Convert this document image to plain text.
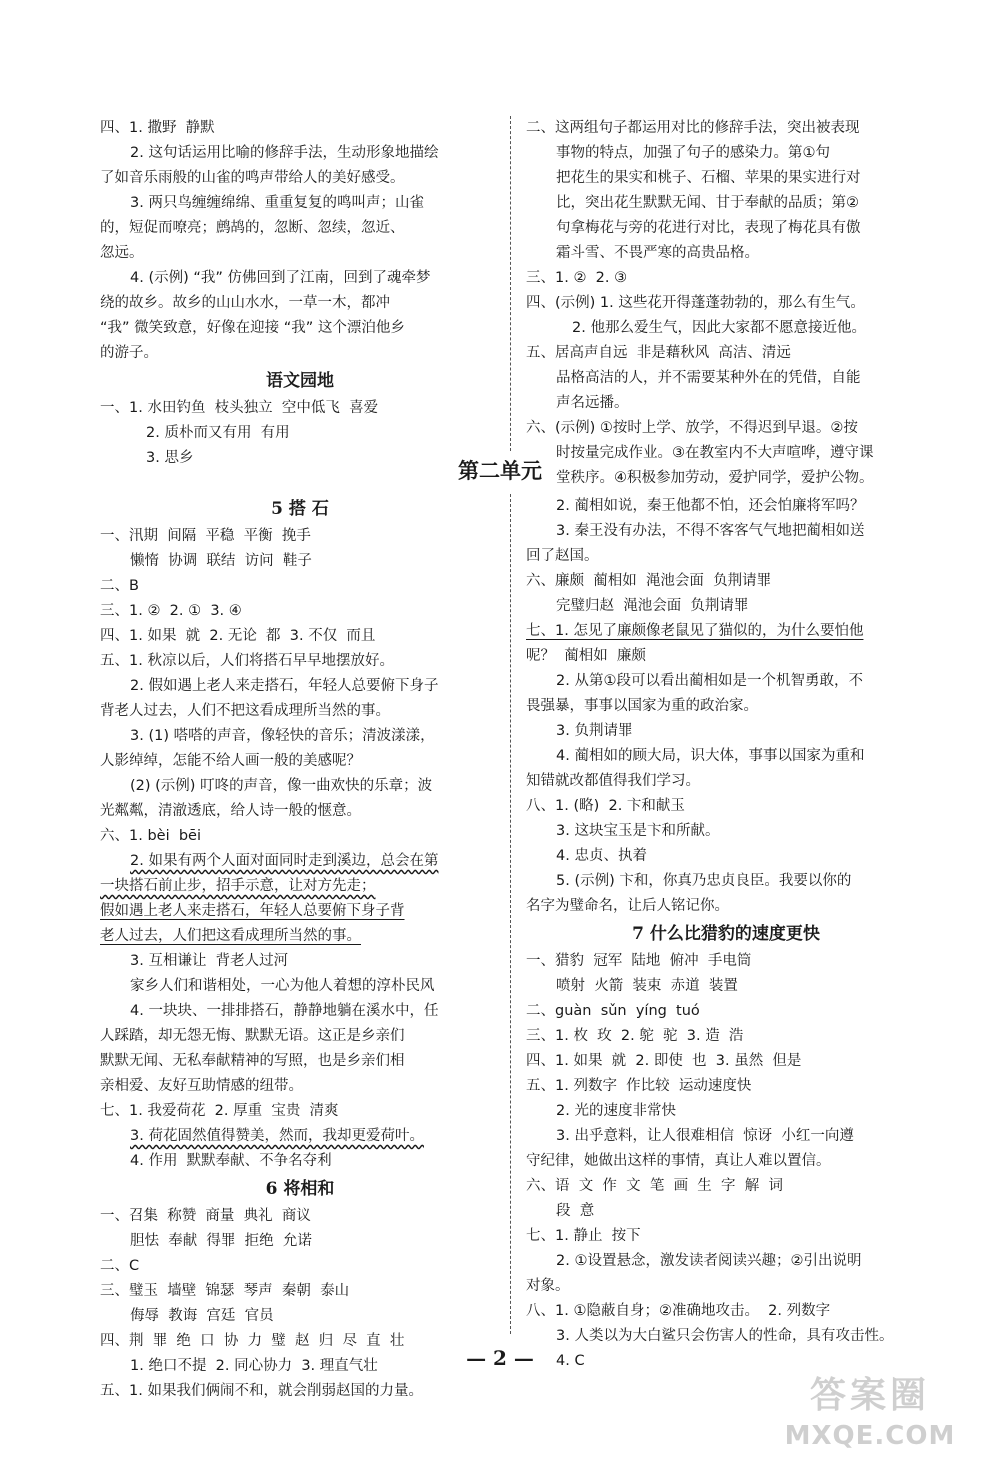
四、1. 撒野  静默

2. 这句话运用比喻的修辞手法，生动形象地描绘

了如音乐雨般的山雀的鸣声带给人的美好感受。

3. 两只鸟缠缠绵绵、重重复复的鸣叫声；山雀

的，短促而嘹亮；鹧鸪的，忽断、忽续，忽近、

忽远。

4. (示例) “我” 仿佛回到了江南，回到了魂牵梦

绕的故乡。故乡的山山水水，一草一木，都冲

“我” 微笑致意，好像在迎接 “我” 这个漂泊他乡

的游子。

语文园地

一、1. 水田钓鱼  枝头独立  空中低飞  喜爱

2. 质朴而又有用  有用

3. 思乡

二、这两组句子都运用对比的修辞手法，突出被表现

事物的特点，加强了句子的感染力。第①句

把花生的果实和桃子、石榴、苹果的果实进行对

比，突出花生默默无闻、甘于奉献的品质；第②

句拿梅花与旁的花进行对比，表现了梅花具有傲

霜斗雪、不畏严寒的高贵品格。

三、1. ②  2. ③

四、(示例) 1. 这些花开得蓬蓬勃勃的，那么有生气。

2. 他那么爱生气，因此大家都不愿意接近他。

五、居高声自远  非是藉秋风  高洁、清远

品格高洁的人，并不需要某种外在的凭借，自能

声名远播。

六、(示例) ①按时上学、放学，不得迟到早退。②按

时按量完成作业。③在教室内不大声喧哗，遵守课

堂秩序。④积极参加劳动，爱护同学，爱护公物。

第二单元
5 搭 石

一、汛期  间隔  平稳  平衡  挽手

懒惰  协调  联结  访问  鞋子

二、B

三、1. ②  2. ①  3. ④

四、1. 如果  就  2. 无论  都  3. 不仅  而且

五、1. 秋凉以后，人们将搭石早早地摆放好。

2. 假如遇上老人来走搭石，年轻人总要俯下身子

背老人过去，人们不把这看成理所当然的事。

3. (1) 嗒嗒的声音，像轻快的音乐；清波漾漾，

人影绰绰，怎能不给人画一般的美感呢？

(2) (示例) 叮咚的声音，像一曲欢快的乐章；波

光粼粼，清澈透底，给人诗一般的惬意。

六、1. bèi  bēi

2. 如果有两个人面对面同时走到溪边，总会在第

一块搭石前止步，招手示意，让对方先走；

假如遇上老人来走搭石，年轻人总要俯下身子背

老人过去，人们把这看成理所当然的事。

3. 互相谦让  背老人过河

家乡人们和谐相处，一心为他人着想的淳朴民风

4. 一块块、一排排搭石，静静地躺在溪水中，任

人踩踏，却无怨无悔、默默无语。这正是乡亲们

默默无闻、无私奉献精神的写照，也是乡亲们相

亲相爱、友好互助情感的纽带。

七、1. 我爱荷花  2. 厚重  宝贵  清爽

3. 荷花固然值得赞美，然而，我却更爱荷叶。

4. 作用  默默奉献、不争名夺利

6 将相和

一、召集  称赞  商量  典礼  商议

胆怯  奉献  得罪  拒绝  允诺

二、C

三、璧玉  墙壁  锦瑟  琴声  秦朝  泰山

侮辱  教诲  宫廷  官员

四、荆  罪  绝  口  协  力  璧  赵  归  尽  直  壮

1. 绝口不提  2. 同心协力  3. 理直气壮

五、1. 如果我们俩闹不和，就会削弱赵国的力量。

2. 蔺相如说，秦王他都不怕，还会怕廉将军吗？

3. 秦王没有办法，不得不客客气气地把蔺相如送

回了赵国。

六、廉颇  蔺相如  渑池会面  负荆请罪

完璧归赵  渑池会面  负荆请罪

七、1. 怎见了廉颇像老鼠见了猫似的，为什么要怕他

呢？  蔺相如  廉颇

2. 从第①段可以看出蔺相如是一个机智勇敢，不

畏强暴，事事以国家为重的政治家。

3. 负荆请罪

4. 蔺相如的顾大局，识大体，事事以国家为重和

知错就改都值得我们学习。

八、1. (略)  2. 卞和献玉

3. 这块宝玉是卞和所献。

4. 忠贞、执着

5. (示例) 卞和，你真乃忠贞良臣。我要以你的

名字为璧命名，让后人铭记你。

7 什么比猎豹的速度更快

一、猎豹  冠军  陆地  俯冲  手电筒

喷射  火箭  装束  赤道  装置

二、guàn  sǔn  yíng  tuó

三、1. 枚  玫  2. 鸵  驼  3. 造  浩

四、1. 如果  就  2. 即使  也  3. 虽然  但是

五、1. 列数字  作比较  运动速度快

2. 光的速度非常快

3. 出乎意料，让人很难相信  惊讶  小红一向遵

守纪律，她做出这样的事情，真让人难以置信。

六、语  文  作  文  笔  画  生  字  解  词

段  意

七、1. 静止  按下

2. ①设置悬念，激发读者阅读兴趣；②引出说明

对象。

八、1. ①隐蔽自身；②准确地攻击。  2. 列数字

3. 人类以为大白鲨只会伤害人的性命，具有攻击性。

4. C

— 2 —
答案圈
MXQE.COM
